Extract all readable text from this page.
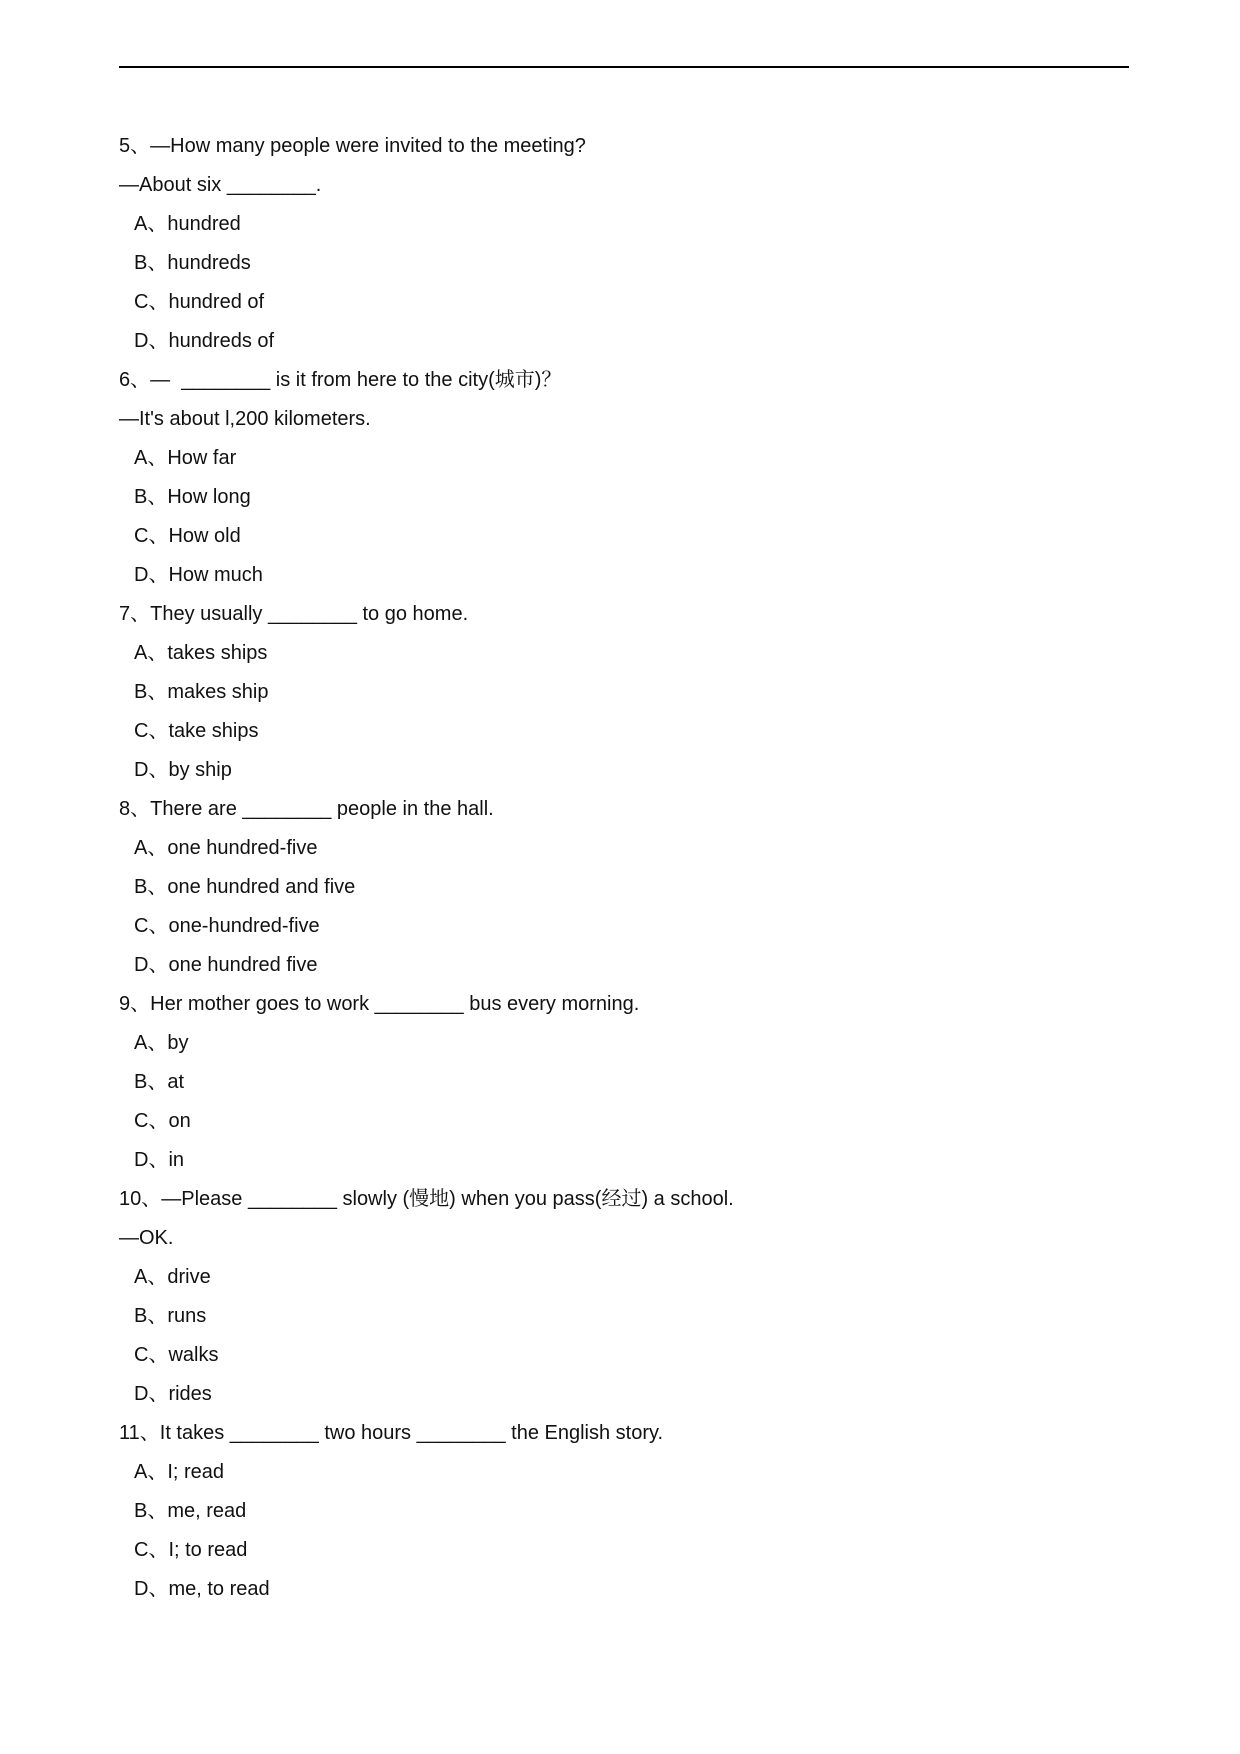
5、—How many people were invited to the meeting?
—About six ________.
A、hundred
B、hundreds
C、hundred of
D、hundreds of
6、—  ________ is it from here to the city(城市)？
—It's about l,200 kilometers.
A、How far
B、How long
C、How old
D、How much
7、They usually ________ to go home.
A、takes ships
B、makes ship
C、take ships
D、by ship
8、There are ________ people in the hall.
A、one hundred-five
B、one hundred and five
C、one-hundred-five
D、one hundred five
9、Her mother goes to work ________ bus every morning.
A、by
B、at
C、on
D、in
10、—Please ________ slowly (慢地) when you pass(经过) a school.
—OK.
A、drive
B、runs
C、walks
D、rides
11、It takes ________ two hours ________ the English story.
A、I; read
B、me, read
C、I; to read
D、me, to read
